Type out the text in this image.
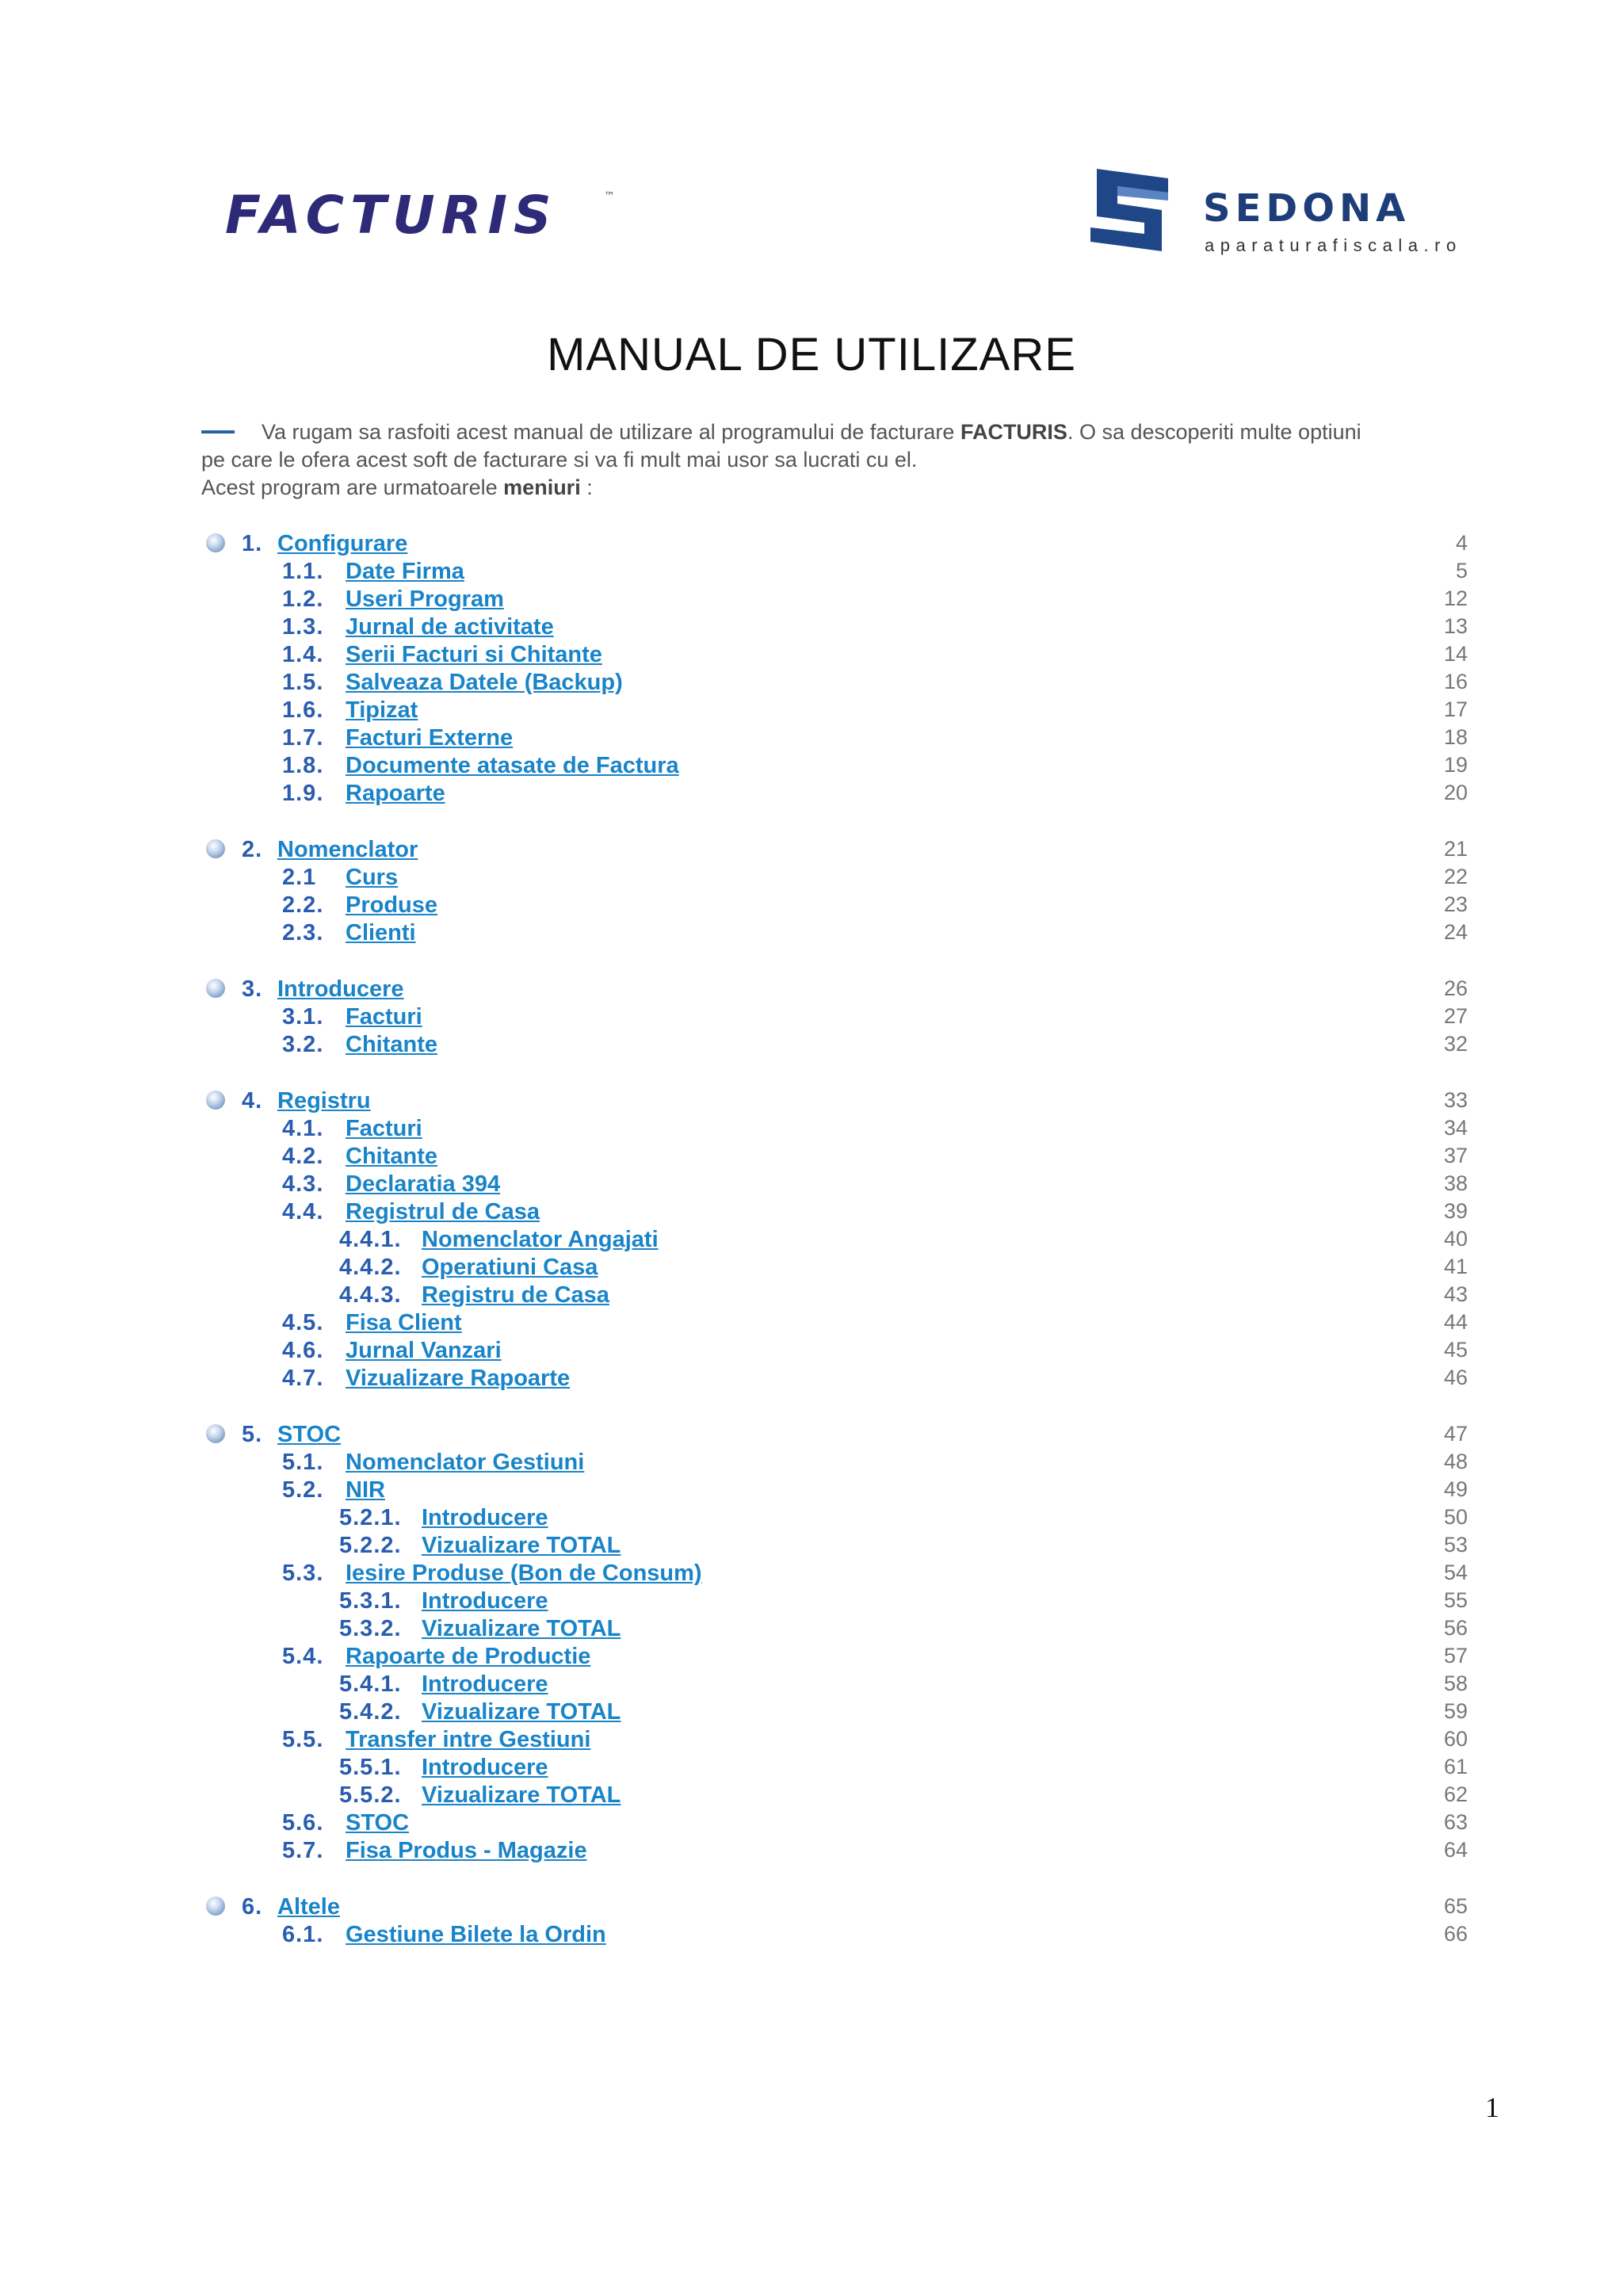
FACTURIS	™	SEDONA
aparaturafiscala.ro
MANUAL DE UTILIZARE
Va rugam sa rasfoiti acest manual de utilizare al programului de facturare FACTURIS. O sa descoperiti multe optiuni
pe care le ofera acest soft de facturare si va fi mult mai usor sa lucrati cu el.
Acest program are urmatoarele meniuri :
1. Configurare	4
1.1. Date Firma	5
1.2. Useri Program	12
1.3. Jurnal de activitate	13
1.4. Serii Facturi si Chitante	14
1.5. Salveaza Datele (Backup)	16
1.6. Tipizat	17
1.7. Facturi Externe	18
1.8. Documente atasate de Factura	19
1.9. Rapoarte	20
2. Nomenclator	21
2.1 Curs	22
2.2. Produse	23
2.3. Clienti	24
3. Introducere	26
3.1. Facturi	27
3.2. Chitante	32
4. Registru	33
4.1. Facturi	34
4.2. Chitante	37
4.3. Declaratia 394	38
4.4. Registrul de Casa	39
4.4.1. Nomenclator Angajati	40
4.4.2. Operatiuni Casa	41
4.4.3. Registru de Casa	43
4.5. Fisa Client	44
4.6. Jurnal Vanzari	45
4.7. Vizualizare Rapoarte	46
5. STOC	47
5.1. Nomenclator Gestiuni	48
5.2. NIR	49
5.2.1. Introducere	50
5.2.2. Vizualizare TOTAL	53
5.3. Iesire Produse (Bon de Consum)	54
5.3.1. Introducere	55
5.3.2. Vizualizare TOTAL	56
5.4. Rapoarte de Productie	57
5.4.1. Introducere	58
5.4.2. Vizualizare TOTAL	59
5.5. Transfer intre Gestiuni	60
5.5.1. Introducere	61
5.5.2. Vizualizare TOTAL	62
5.6. STOC	63
5.7. Fisa Produs - Magazie	64
6. Altele	65
6.1. Gestiune Bilete la Ordin	66
1
